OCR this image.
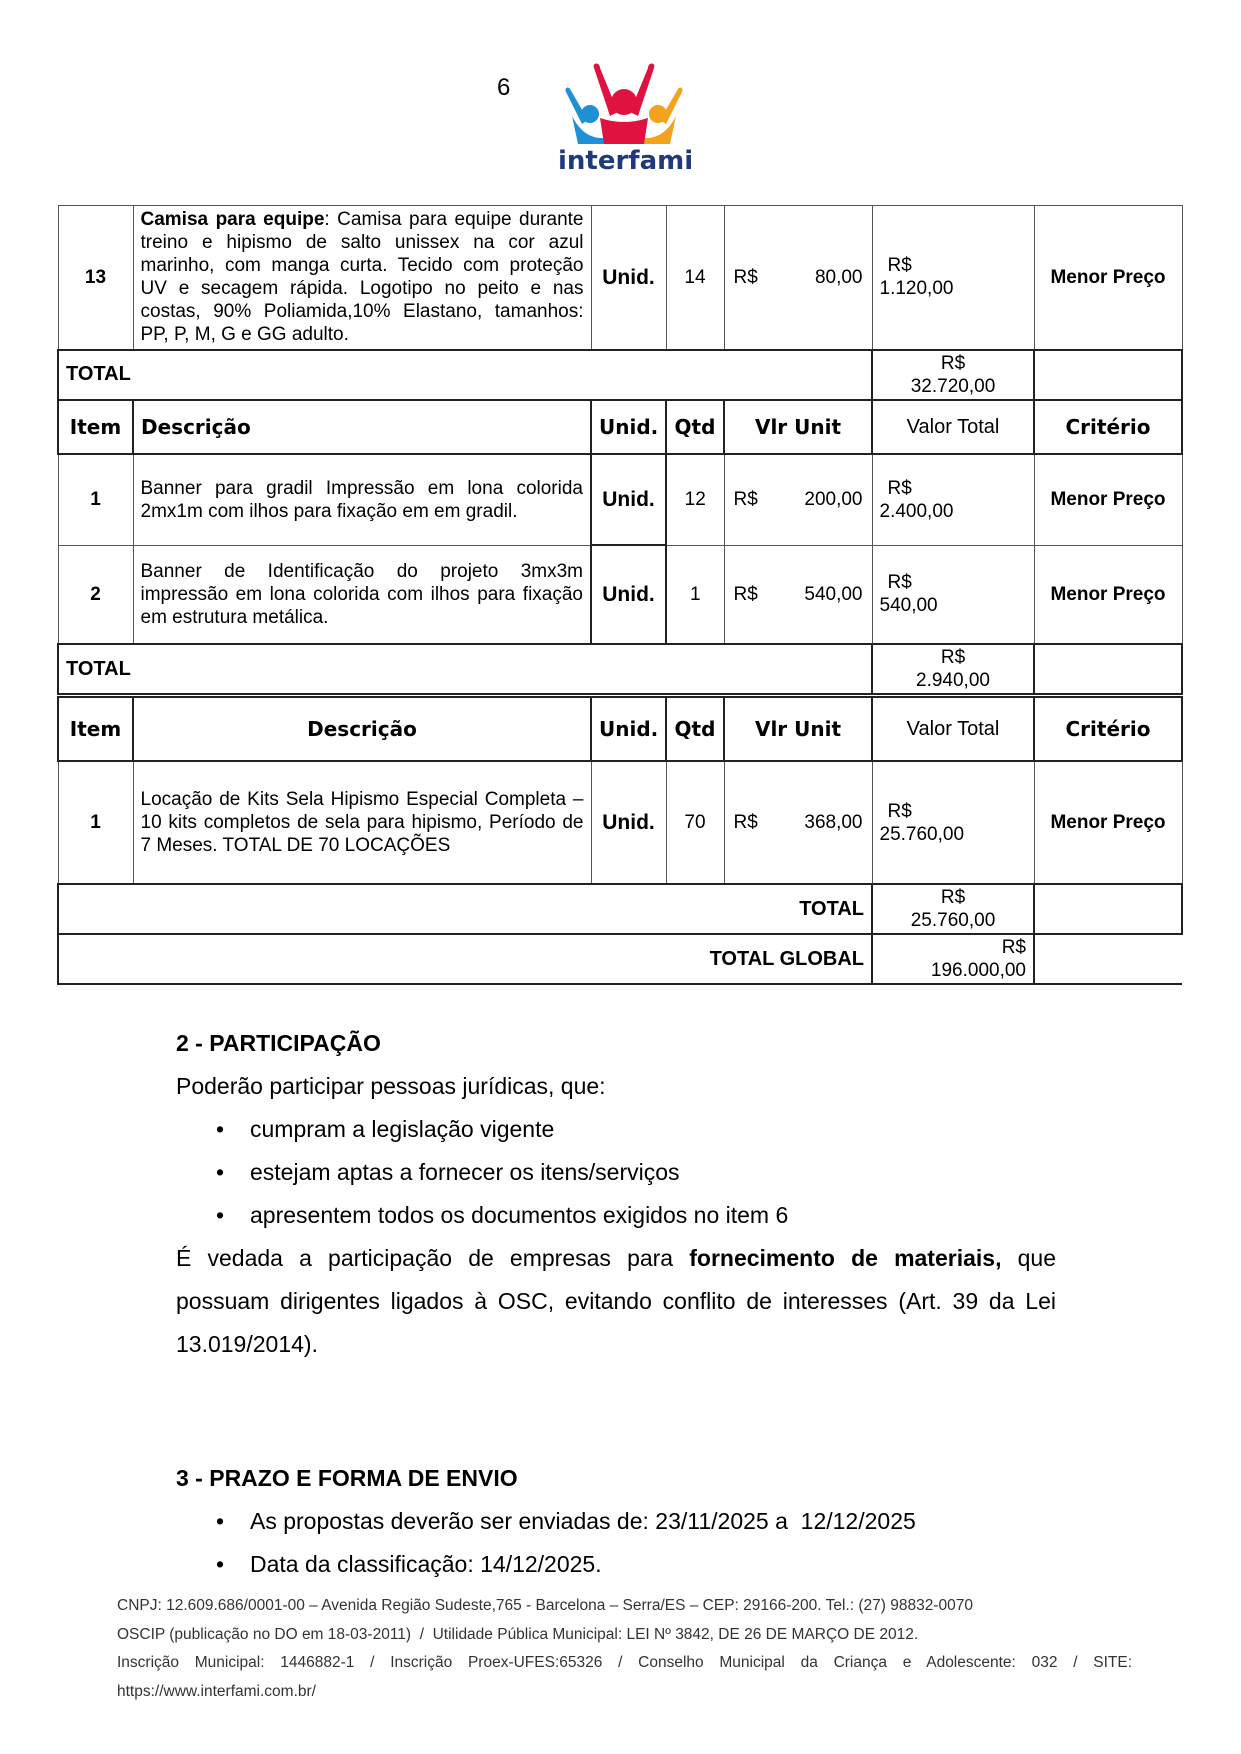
6
interfami
13	Camisa para equipe: Camisa para equipe durante treino e hipismo de salto unissex na cor azul marinho, com manga curta. Tecido com proteção UV e secagem rápida. Logotipo no peito e nas costas, 90% Poliamida,10% Elastano, tamanhos: PP, P, M, G e GG adulto.	Unid.	14	R$ 80,00	R$
1.120,00	Menor Preço
TOTAL					R$
32.720,00	

Item	Descrição	Unid.	Qtd	Vlr Unit	Valor Total	Critério
1	Banner para gradil Impressão em lona colorida 2mx1m com ilhos para fixação em em gradil.	Unid.	12	R$ 200,00	R$
2.400,00	Menor Preço
2	Banner de Identificação do projeto 3mx3m impressão em lona colorida com ilhos para fixação em estrutura metálica.	Unid.	1	R$ 540,00	R$
540,00	Menor Preço
TOTAL					R$
2.940,00	

Item	Descrição	Unid.	Qtd	Vlr Unit	Valor Total	Critério
1	Locação de Kits Sela Hipismo Especial Completa – 10 kits completos de sela para hipismo, Período de 7 Meses. TOTAL DE 70 LOCAÇÕES	Unid.	70	R$ 368,00	R$
25.760,00	Menor Preço
TOTAL					R$
25.760,00	

TOTAL GLOBAL					R$
196.000,00	

2 - PARTICIPAÇÃO

Poderão participar pessoas jurídicas, que:

• cumpram a legislação vigente
• estejam aptas a fornecer os itens/serviços
• apresentem todos os documentos exigidos no item 6

É vedada a participação de empresas para fornecimento de materiais, que

possuam dirigentes ligados à OSC, evitando conflito de interesses (Art. 39 da Lei

13.019/2014).

3 - PRAZO E FORMA DE ENVIO
• As propostas deverão ser enviadas de: 23/11/2025 a  12/12/2025
• Data da classificação: 14/12/2025.

CNPJ: 12.609.686/0001-00 – Avenida Região Sudeste,765 - Barcelona – Serra/ES – CEP: 29166-200. Tel.: (27) 98832-0070

OSCIP (publicação no DO em 18-03-2011)  /  Utilidade Pública Municipal: LEI Nº 3842, DE 26 DE MARÇO DE 2012.

Inscrição Municipal: 1446882-1 / Inscrição Proex-UFES:65326 / Conselho Municipal da Criança e Adolescente: 032 / SITE:

https://www.interfami.com.br/
